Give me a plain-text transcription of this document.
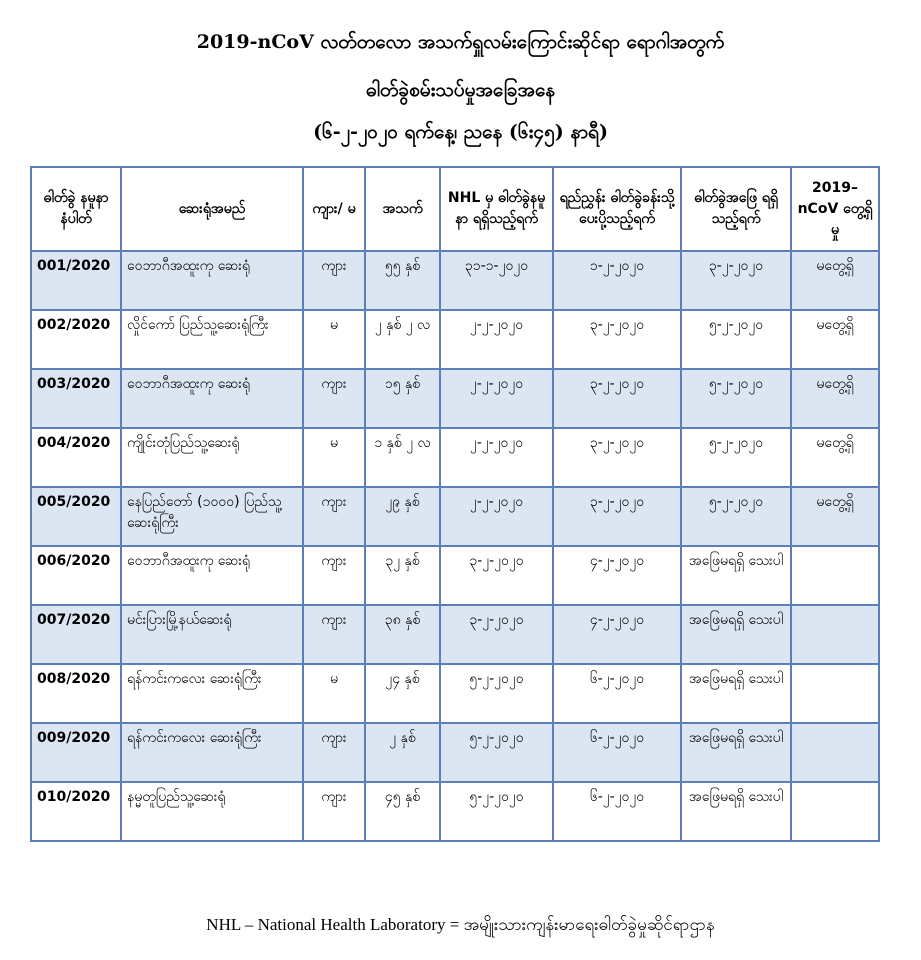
2019-nCoV လတ်တလော အသက်ရှူလမ်းကြောင်းဆိုင်ရာ ရောဂါအတွက်
ဓါတ်ခွဲစမ်းသပ်မှုအခြေအနေ
(၆-၂-၂၀၂၀ ရက်နေ့၊ ညနေ (၆း၄၅) နာရီ)
ဓါတ်ခွဲ နမူနာ နံပါတ်	ဆေးရုံအမည်	ကျား/ မ	အသက်	NHL မှ ဓါတ်ခွဲနမူနာ ရရှိသည့်ရက်	ရည်ညွှန်း ဓါတ်ခွဲခန်းသို့ ပေးပို့သည့်ရက်	ဓါတ်ခွဲအဖြေ ရရှိသည့်ရက်	2019– nCoV တွေ့ရှိမှု
001/2020	ဝေဘာဂီအထူးကု ဆေးရုံ	ကျား	၅၅ နှစ်	၃၁-၁-၂၀၂၀	၁-၂-၂၀၂၀	၃-၂-၂၀၂၀	မတွေ့ရှိ
002/2020	လှိုင်ကော် ပြည်သူ့ဆေးရုံကြီး	မ	၂ နှစ် ၂ လ	၂-၂-၂၀၂၀	၃-၂-၂၀၂၀	၅-၂-၂၀၂၀	မတွေ့ရှိ
003/2020	ဝေဘာဂီအထူးကု ဆေးရုံ	ကျား	၁၅ နှစ်	၂-၂-၂၀၂၀	၃-၂-၂၀၂၀	၅-၂-၂၀၂၀	မတွေ့ရှိ
004/2020	ကျိုင်းတုံပြည်သူ့ဆေးရုံ	မ	၁ နှစ် ၂ လ	၂-၂-၂၀၂၀	၃-၂-၂၀၂၀	၅-၂-၂၀၂၀	မတွေ့ရှိ
005/2020	နေပြည်တော် (၁၀၀၀) ပြည်သူ့ဆေးရုံကြီး	ကျား	၂၉ နှစ်	၂-၂-၂၀၂၀	၃-၂-၂၀၂၀	၅-၂-၂၀၂၀	မတွေ့ရှိ
006/2020	ဝေဘာဂီအထူးကု ဆေးရုံ	ကျား	၃၂ နှစ်	၃-၂-၂၀၂၀	၄-၂-၂၀၂၀	အဖြေမရရှိ သေးပါ	
007/2020	မင်းပြားမြို့နယ်ဆေးရုံ	ကျား	၃၈ နှစ်	၃-၂-၂၀၂၀	၄-၂-၂၀၂၀	အဖြေမရရှိ သေးပါ	
008/2020	ရန်ကင်းကလေး ဆေးရုံကြီး	မ	၂၄ နှစ်	၅-၂-၂၀၂၀	၆-၂-၂၀၂၀	အဖြေမရရှိ သေးပါ	
009/2020	ရန်ကင်းကလေး ဆေးရုံကြီး	ကျား	၂ နှစ်	၅-၂-၂၀၂၀	၆-၂-၂၀၂၀	အဖြေမရရှိ သေးပါ	
010/2020	နမ္မတူပြည်သူ့ဆေးရုံ	ကျား	၄၅ နှစ်	၅-၂-၂၀၂၀	၆-၂-၂၀၂၀	အဖြေမရရှိ သေးပါ	
NHL – National Health Laboratory = အမျိုးသားကျန်းမာရေးဓါတ်ခွဲမှုဆိုင်ရာဌာန
